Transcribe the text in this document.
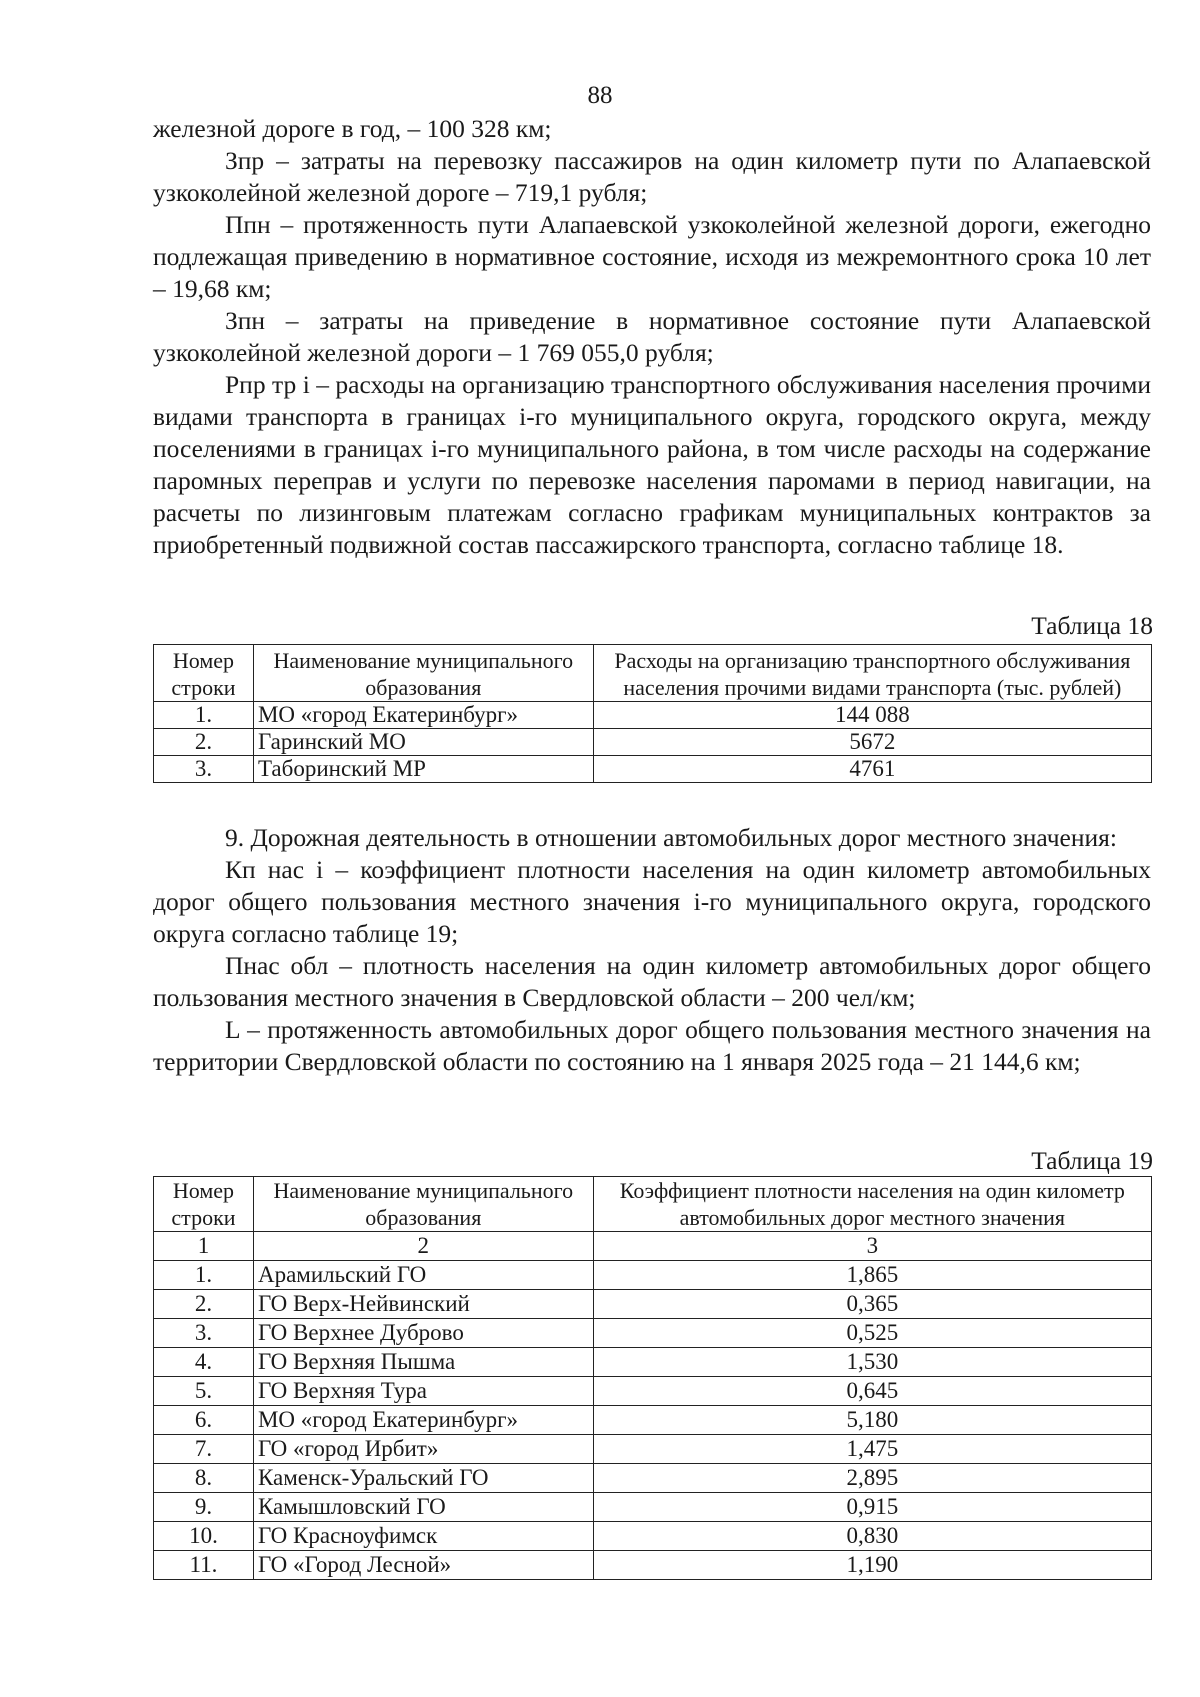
88

железной дороге в год, – 100 328 км;

Зпр – затраты на перевозку пассажиров на один километр пути по Алапаевской узкоколейной железной дороге – 719,1 рубля;

Ппн – протяженность пути Алапаевской узкоколейной железной дороги, ежегодно подлежащая приведению в нормативное состояние, исходя из межремонтного срока 10 лет – 19,68 км;

Зпн – затраты на приведение в нормативное состояние пути Алапаевской узкоколейной железной дороги – 1 769 055,0 рубля;

Рпр тр i – расходы на организацию транспортного обслуживания населения прочими видами транспорта в границах i-го муниципального округа, городского округа, между поселениями в границах i-го муниципального района, в том числе расходы на содержание паромных переправ и услуги по перевозке населения паромами в период навигации, на расчеты по лизинговым платежам согласно графикам муниципальных контрактов за приобретенный подвижной состав пассажирского транспорта, согласно таблице 18.

Таблица 18
Номер строки	Наименование муниципального образования	Расходы на организацию транспортного обслуживания населения прочими видами транспорта (тыс. рублей)
1.	МО «город Екатеринбург»	144 088
2.	Гаринский МО	5672
3.	Таборинский МР	4761

9. Дорожная деятельность в отношении автомобильных дорог местного значения:

Кп нас i – коэффициент плотности населения на один километр автомобильных дорог общего пользования местного значения i-го муниципального округа, городского округа согласно таблице 19;

Пнас обл – плотность населения на один километр автомобильных дорог общего пользования местного значения в Свердловской области – 200 чел/км;

L – протяженность автомобильных дорог общего пользования местного значения на территории Свердловской области по состоянию на 1 января 2025 года – 21 144,6 км;

Таблица 19
Номер строки	Наименование муниципального образования	Коэффициент плотности населения на один километр автомобильных дорог местного значения
1	2	3
1.	Арамильский ГО	1,865
2.	ГО Верх-Нейвинский	0,365
3.	ГО Верхнее Дуброво	0,525
4.	ГО Верхняя Пышма	1,530
5.	ГО Верхняя Тура	0,645
6.	МО «город Екатеринбург»	5,180
7.	ГО «город Ирбит»	1,475
8.	Каменск-Уральский ГО	2,895
9.	Камышловский ГО	0,915
10.	ГО Красноуфимск	0,830
11.	ГО «Город Лесной»	1,190
